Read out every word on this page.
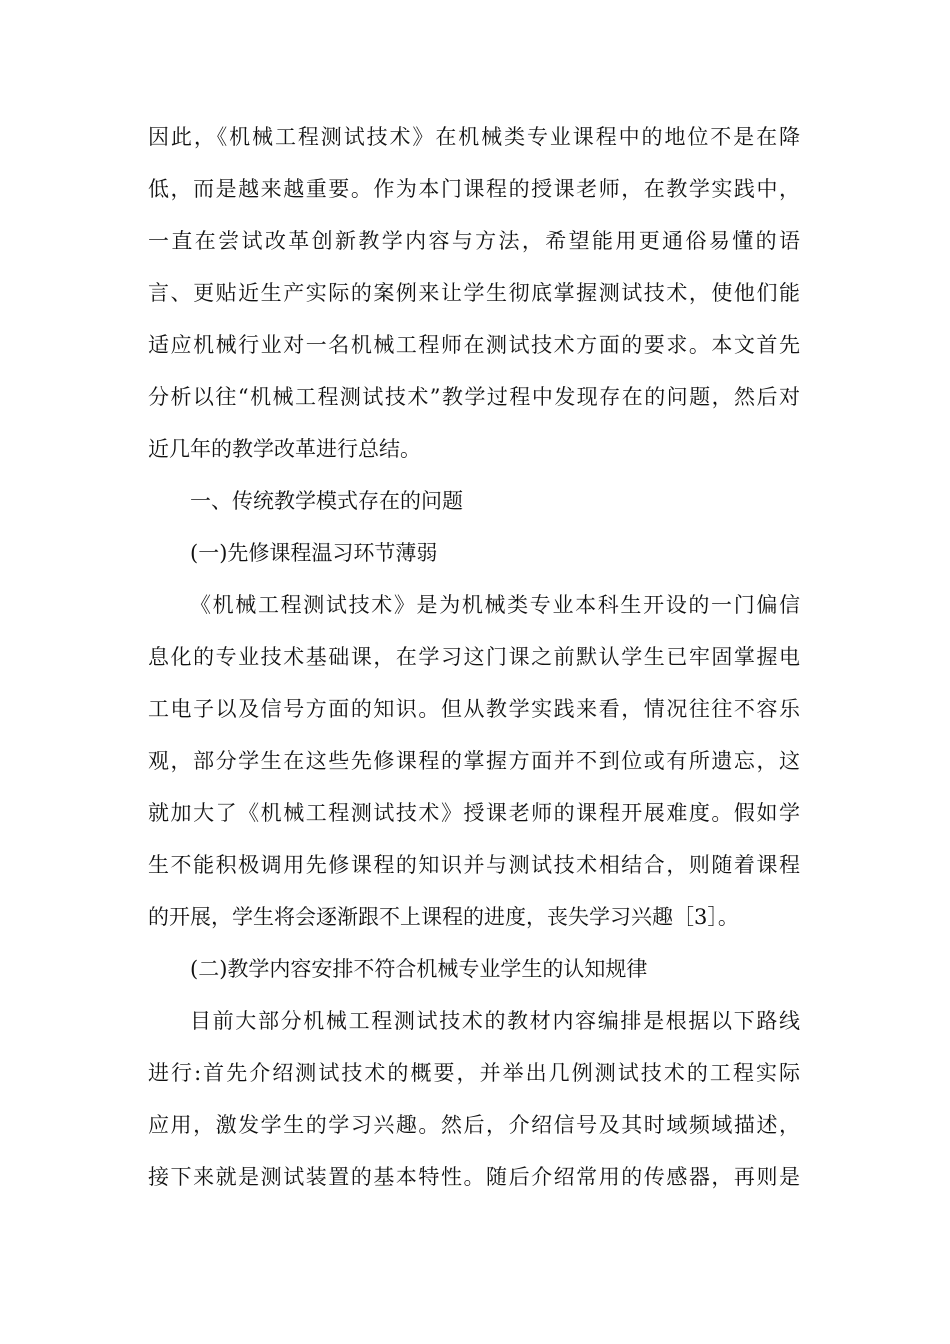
因此，《机械工程测试技术》在机械类专业课程中的地位不是在降
低，而是越来越重要。作为本门课程的授课老师，在教学实践中，
一直在尝试改革创新教学内容与方法，希望能用更通俗易懂的语
言、更贴近生产实际的案例来让学生彻底掌握测试技术，使他们能
适应机械行业对一名机械工程师在测试技术方面的要求。本文首先
分析以往“机械工程测试技术”教学过程中发现存在的问题，然后对
近几年的教学改革进行总结。
一、传统教学模式存在的问题
(一)先修课程温习环节薄弱
《机械工程测试技术》是为机械类专业本科生开设的一门偏信
息化的专业技术基础课，在学习这门课之前默认学生已牢固掌握电
工电子以及信号方面的知识。但从教学实践来看，情况往往不容乐
观，部分学生在这些先修课程的掌握方面并不到位或有所遗忘，这
就加大了《机械工程测试技术》授课老师的课程开展难度。假如学
生不能积极调用先修课程的知识并与测试技术相结合，则随着课程
的开展，学生将会逐渐跟不上课程的进度，丧失学习兴趣［3］。
(二)教学内容安排不符合机械专业学生的认知规律
目前大部分机械工程测试技术的教材内容编排是根据以下路线
进行:首先介绍测试技术的概要，并举出几例测试技术的工程实际
应用，激发学生的学习兴趣。然后，介绍信号及其时域频域描述，
接下来就是测试装置的基本特性。随后介绍常用的传感器，再则是
